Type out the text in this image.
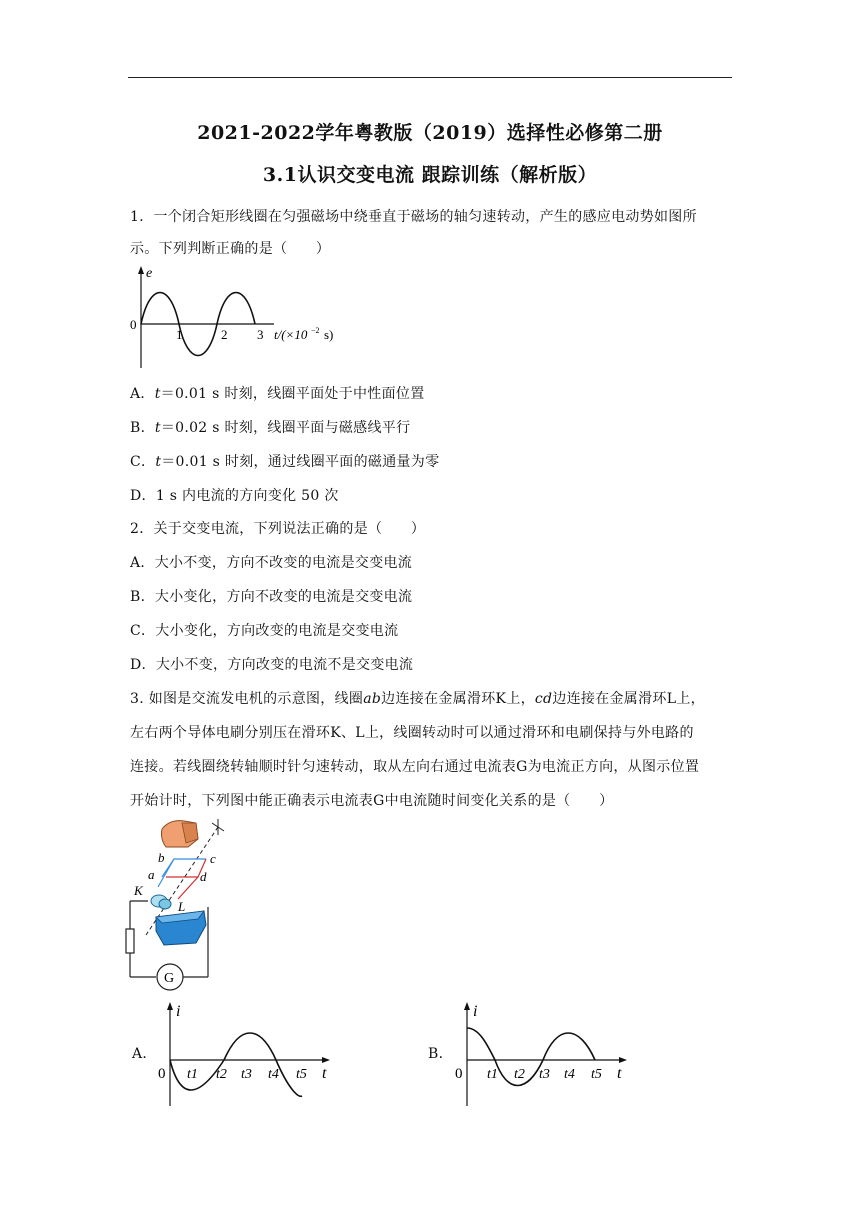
2021-2022学年粤教版（2019）选择性必修第二册
3.1认识交变电流 跟踪训练（解析版）
1．一个闭合矩形线圈在匀强磁场中绕垂直于磁场的轴匀速转动，产生的感应电动势如图所
示。下列判断正确的是（　　）
e
0
1	2 3 t/(×10 −2 s)
A．t＝0.01 s 时刻，线圈平面处于中性面位置
B．t＝0.02 s 时刻，线圈平面与磁感线平行
C．t＝0.01 s 时刻，通过线圈平面的磁通量为零
D．1 s 内电流的方向变化 50 次
2．关于交变电流，下列说法正确的是（　　）
A．大小不变，方向不改变的电流是交变电流
B．大小变化，方向不改变的电流是交变电流
C．大小变化，方向改变的电流是交变电流
D．大小不变，方向改变的电流不是交变电流
3. 如图是交流发电机的示意图，线圈ab边连接在金属滑环K上，cd边连接在金属滑环L上，
左右两个导体电刷分别压在滑环K、L上，线圈转动时可以通过滑环和电刷保持与外电路的
连接。若线圈绕转轴顺时针匀速转动，取从左向右通过电流表G为电流正方向，从图示位置
开始计时，下列图中能正确表示电流表G中电流随时间变化关系的是（　　）
b	c
a	d
K
L
G
A．
i
0 t1 t2 t3 t4 t5 t
B．
i
0 t1 t2 t3 t4 t5 t
